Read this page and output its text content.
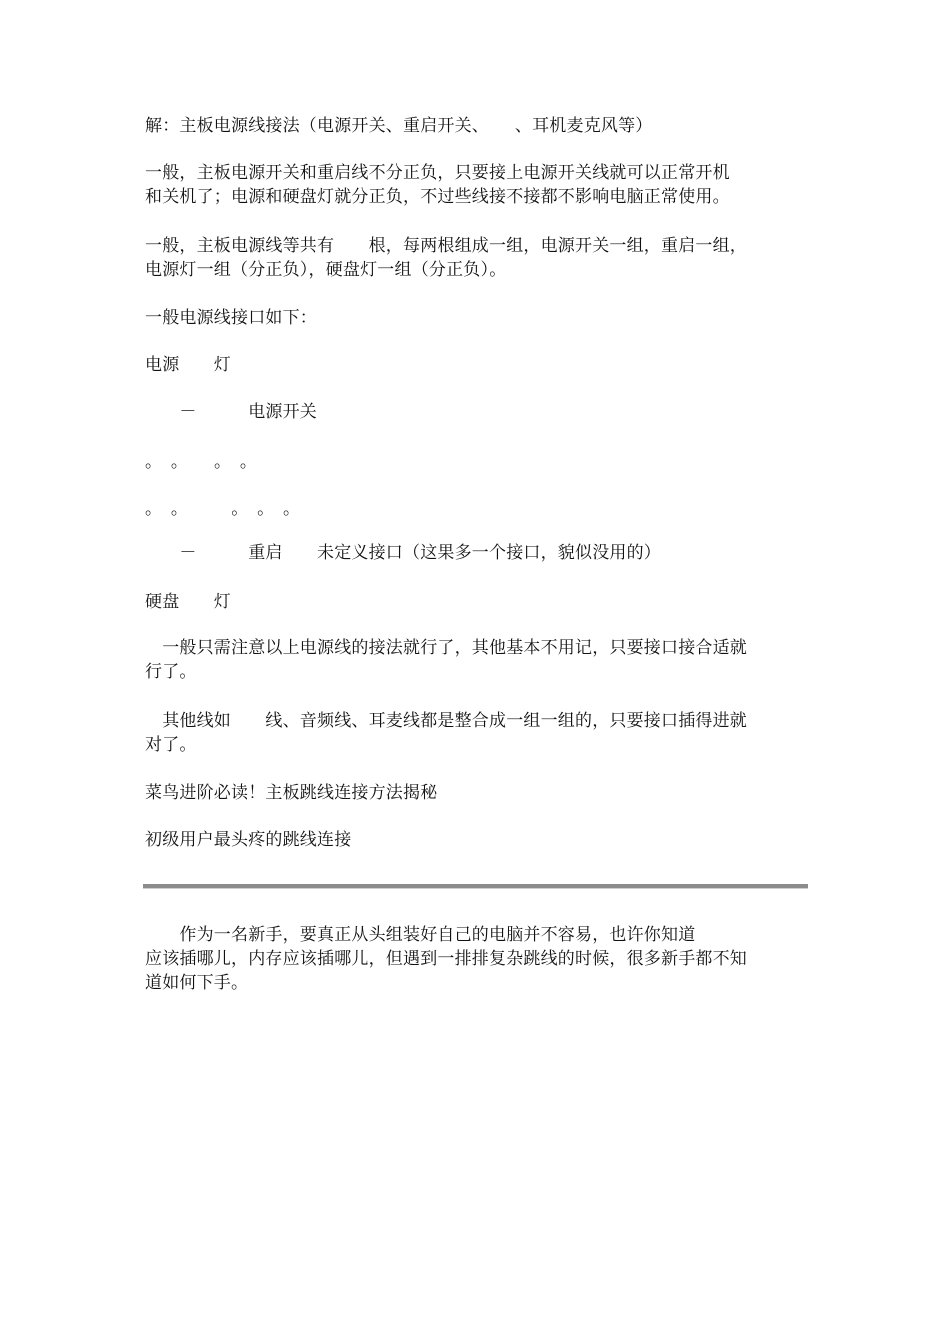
解：主板电源线接法（电源开关、重启开关、　　、耳机麦克风等）
一般，主板电源开关和重启线不分正负，只要接上电源开关线就可以正常开机
和关机了；电源和硬盘灯就分正负，不过些线接不接都不影响电脑正常使用。
一般，主板电源线等共有　　根，每两根组成一组，电源开关一组，重启一组，
电源灯一组（分正负），硬盘灯一组（分正负）。
一般电源线接口如下：
电源　　灯
　　－　　　电源开关
。　。　　。　。
。　。　　　。　。　。
　　－　　　重启　　未定义接口（这果多一个接口，貌似没用的）
硬盘　　灯
　一般只需注意以上电源线的接法就行了，其他基本不用记，只要接口接合适就
行了。
　其他线如　　线、音频线、耳麦线都是整合成一组一组的，只要接口插得进就
对了。
菜鸟进阶必读！主板跳线连接方法揭秘
初级用户最头疼的跳线连接
　　作为一名新手，要真正从头组装好自己的电脑并不容易，也许你知道
应该插哪儿，内存应该插哪儿，但遇到一排排复杂跳线的时候，很多新手都不知
道如何下手。
